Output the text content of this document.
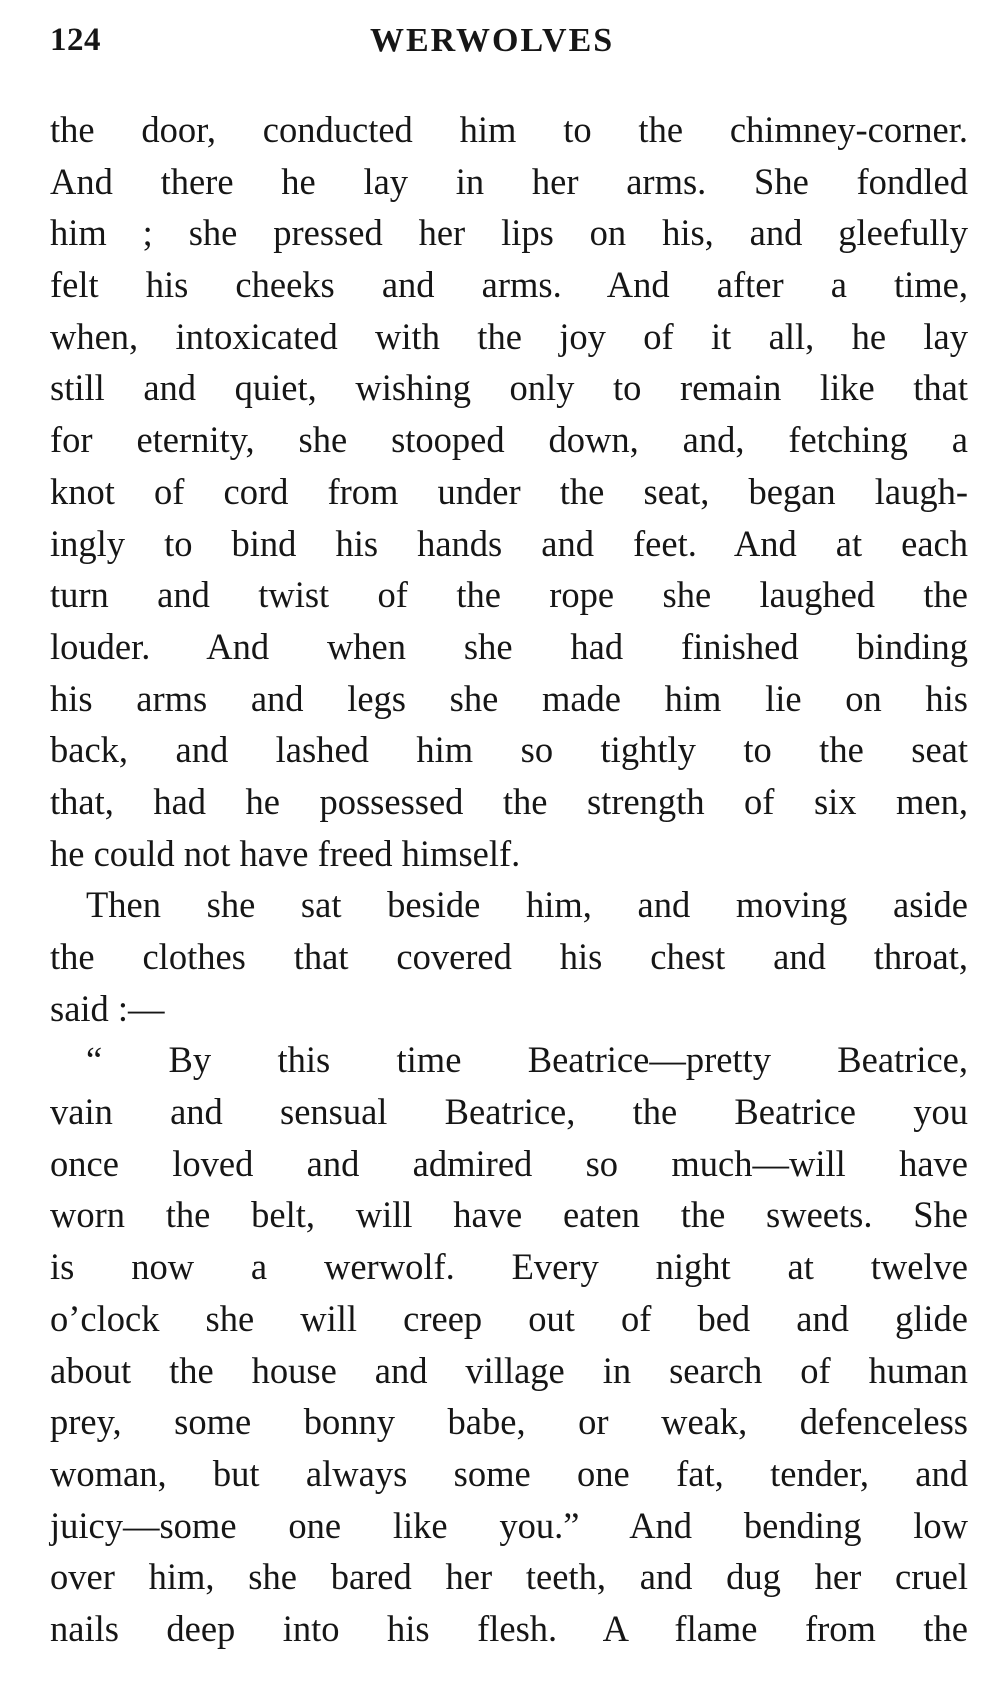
124	WERWOLVES
the door, conducted him to the chimney-corner.
And there he lay in her arms. She fondled
him ; she pressed her lips on his, and gleefully
felt his cheeks and arms. And after a time,
when, intoxicated with the joy of it all, he lay
still and quiet, wishing only to remain like that
for eternity, she stooped down, and, fetching a
knot of cord from under the seat, began laugh-
ingly to bind his hands and feet. And at each
turn and twist of the rope she laughed the
louder. And when she had finished binding
his arms and legs she made him lie on his
back, and lashed him so tightly to the seat
that, had he possessed the strength of six men,
he could not have freed himself.
Then she sat beside him, and moving aside
the clothes that covered his chest and throat,
said :—
“ By this time Beatrice—pretty Beatrice,
vain and sensual Beatrice, the Beatrice you
once loved and admired so much—will have
worn the belt, will have eaten the sweets. She
is now a werwolf. Every night at twelve
o’clock she will creep out of bed and glide
about the house and village in search of human
prey, some bonny babe, or weak, defenceless
woman, but always some one fat, tender, and
juicy—some one like you.” And bending low
over him, she bared her teeth, and dug her cruel
nails deep into his flesh. A flame from the
